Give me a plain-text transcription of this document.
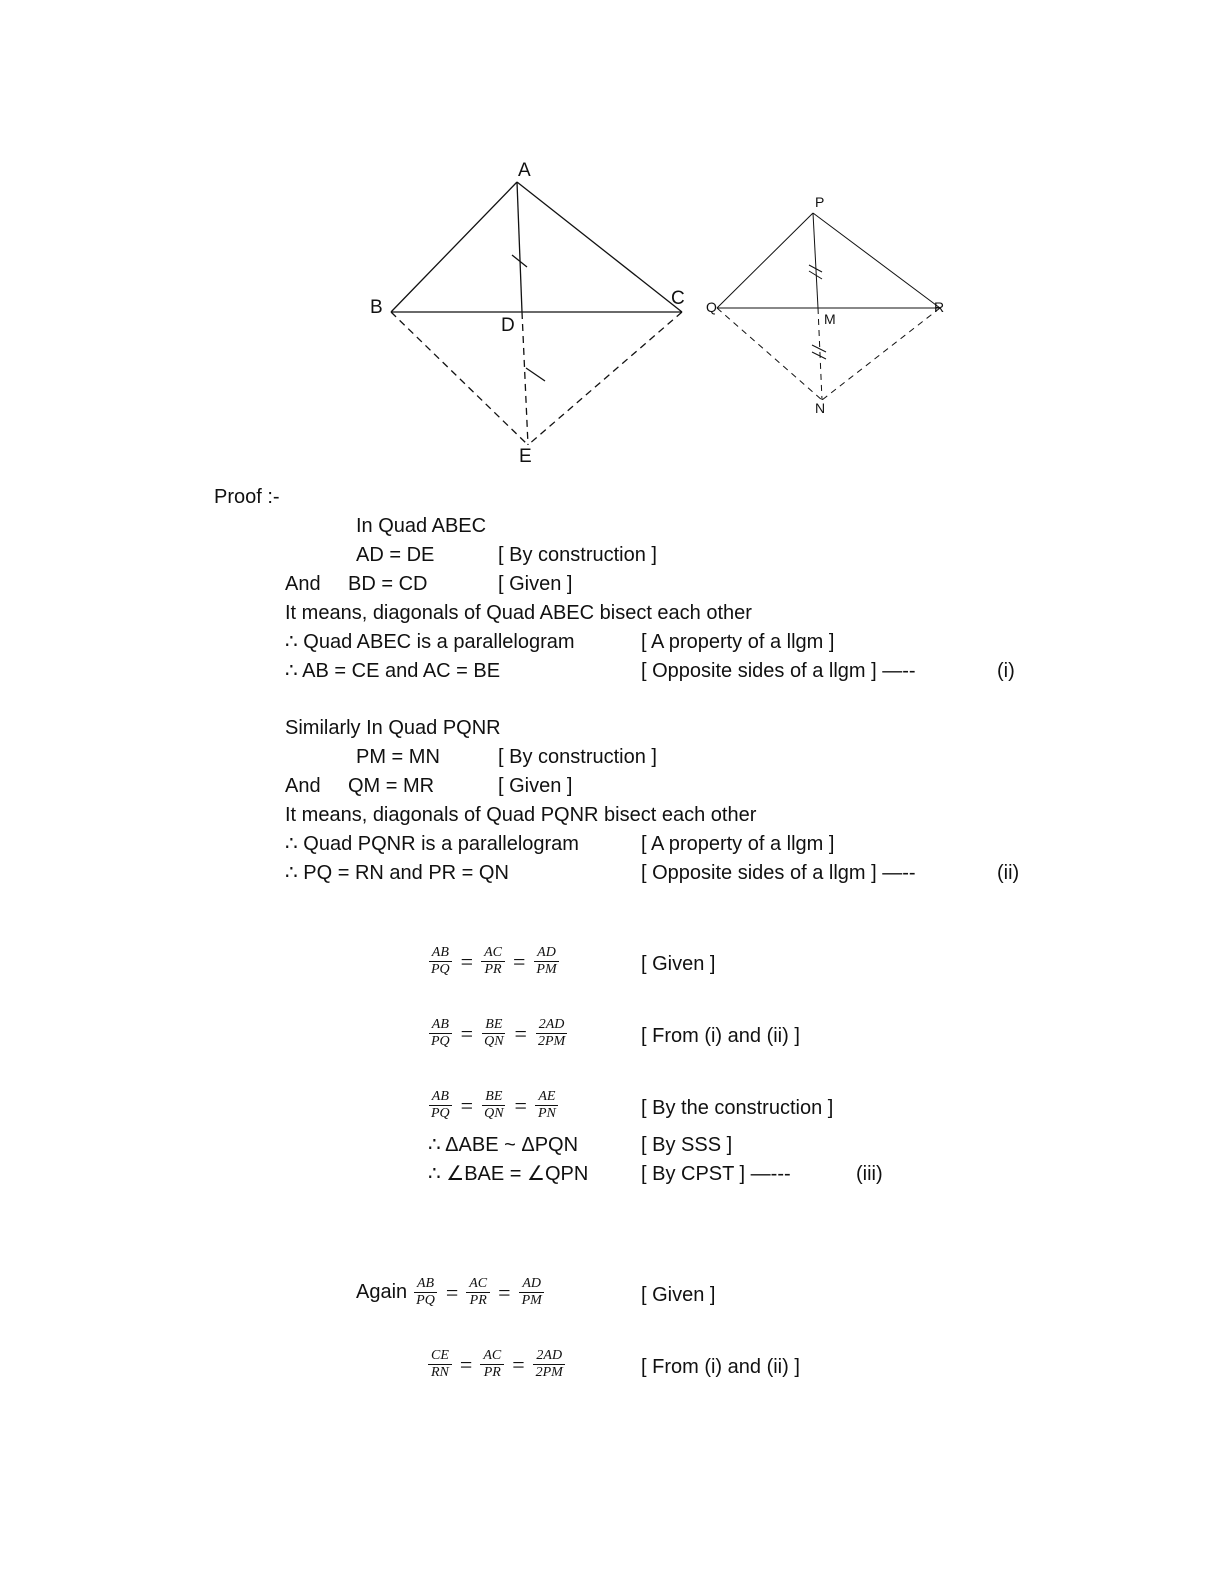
A
B	C
D
E
P
Q	R
M
N
Proof :-
In Quad ABEC
AD = DE	[ By construction ]
And BD = CD	[ Given ]
It means, diagonals of Quad ABEC bisect each other
∴ Quad ABEC is a parallelogram	[ A property of a llgm ]
∴ AB = CE and AC = BE	[ Opposite sides of a llgm ] —--	(i)
Similarly In Quad PQNR
PM = MN	[ By construction ]
And QM = MR	[ Given ]
It means, diagonals of Quad PQNR bisect each other
∴ Quad PQNR is a parallelogram	[ A property of a llgm ]
∴ PQ = RN and PR = QN	[ Opposite sides of a llgm ] —--	(ii)
$\frac{AB}{PQ} = \frac{AC}{PR} = \frac{AD}{PM}$	[ Given ]
$\frac{AB}{PQ} = \frac{BE}{QN} = \frac{2AD}{2PM}$	[ From (i) and (ii) ]
$\frac{AB}{PQ} = \frac{BE}{QN} = \frac{AE}{PN}$	[ By the construction ]
∴ ΔABE ~ ΔPQN	[ By SSS ]
∴ ∠BAE = ∠QPN	[ By CPST ] —---	(iii)
Again $\frac{AB}{PQ} = \frac{AC}{PR} = \frac{AD}{PM}$	[ Given ]
$\frac{CE}{RN} = \frac{AC}{PR} = \frac{2AD}{2PM}$	[ From (i) and (ii) ]
